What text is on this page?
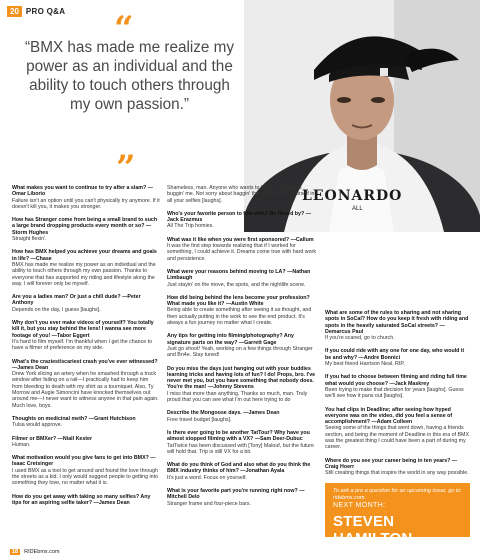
20 PRO Q&A “
“BMX has made me realize my power as an individual and the ability to touch others through my own passion.”
”
LEONARDO
ALL
What makes you want to continue to try after a slam? —Omar Liborio
Failure isn't an option until you can't physically try anymore. If it doesn't kill you, it makes you stronger.
How has Stranger come from being a small brand to such a large brand dropping products every month or so? —Storm Hughes
Straight flexin'.
How has BMX helped you achieve your dreams and goals in life? —Chase
BMX has made me realize my power as an individual and the ability to touch others through my own passion. Thanks to everyone that has supported my riding and lifestyle along the way. I will forever only be myself.
Are you a ladies man? Or just a chill dude? —Peter Anthony
Depends on the day, I guess [laughs].
Why don't you ever make videos of yourself? You totally kill it, but you stay behind the lens! I wanna see more footage of you! —Tabor Eggert
It's hard to film myself. I'm thankful when I get the chance to have a filmer of preference on my side.
What's the craziest/scariest crash you've ever witnessed? —James Dean
Drew York slicing an artery when he smashed through a truck window after failing on a rail—I practically had to keep him from bleeding to death with my shirt as a tourniquet. Also, Ty Morrow and Augie Simoncini have knocked themselves out around me—I never want to witness anyone in that pain again. Much love, boys.
Thoughts on medicinal meth? —Grant Hutchison
Tulsa would approve.
Filmer or BMXer? —Niall Kester
Human.
What motivation would you give fans to get into BMX? —Isaac Cretsinger
I used BMX as a tool to get around and found the love through the streets as a kid. I only would suggest people to getting into something they love, no matter what it is.
How do you get away with taking so many selfies? Any tips for an aspiring selfie taker? —James Dean
Shameless, man. Anyone who wants to hate my selfies is buggin' me. Not sorry about baggin' them, either. Be yourself in all your selfies [laughs].
Who's your favorite person to film with? Be filmed by? —Jack Erazmus
All The Trip homies.
What was it like when you were first sponsored? —Callum
It was the first step towards realizing that if I worked for something, I could achieve it. Dreams come true with hard work and persistence.
What were your reasons behind moving to LA? —Nathan Limbaugh
Just stayin' on the move, the spots, and the nightlife scene.
How did being behind the lens become your profession? What made you like it? —Austin White
Being able to create something after seeing it as thought, and then actually putting in the work to see the end product. It's always a fun journey no matter what I create.
Any tips for getting into filming/photography? Any signature parts on the way? —Garrett Gage
Just go shoot! Yeah, working on a few things through Stranger and Bn4e. Stay tuned!
Do you miss the days just hanging out with your buddies learning tricks and having lots of fun? I do! Props, bro. I've never met you, but you have something that nobody does. You're the man! —Johnny Stevens
I miss that more than anything. Thanks so much, man. Truly proud that you can see what I'm out here trying to do
Describe the Mongoose days. —James Dean
Free travel budget [laughs].
Is there ever going to be another TatTour? Why have you almost stopped filming with a VX? —Sam Deer-Dubuc
TatTwice has been discussed with [Tony] Malouf, but the future will hold that. Trip is still VX for a bit.
What do you think of God and also what do you think the BMX industry thinks of him? —Jonathan Ayala
It's just a word. Focus on yourself.
What is your favorite part you're running right now? —Mitchell Delo
Stranger frame and four-piece bars.
What are some of the rules to sharing and not sharing spots in SoCal? How do you keep it fresh with riding and spots in the heavily saturated SoCal streets? —Demarcus Paul
If you're scared, go to church.
If you could ride with any one for one day, who would it be and why? —Andre Bonnici
My best friend Harrison Neal. RIP.
If you had to choose between filming and riding full time what would you choose? —Jack Maskrey
Been trying to make that decision for years [laughs]. Guess we'll see how it pans out [laughs].
You had clips in Deadline; after seeing how hyped everyone was on the video, did you feel a sense of accomplishment? —Adam Colleen
Seeing some of the things that went down, having a friends section, and being the moment of Deadline in this era of BMX was the greatest thing I could have been a part of during my career.
Where do you see your career being in ten years? —Craig Hoerr
Still creating things that inspire the world in any way possible.
To ask a pro a question for an upcoming issue, go to ridebmx.com.
NEXT MONTH:
STEVEN HAMILTON
18	RIDEbmx.com
